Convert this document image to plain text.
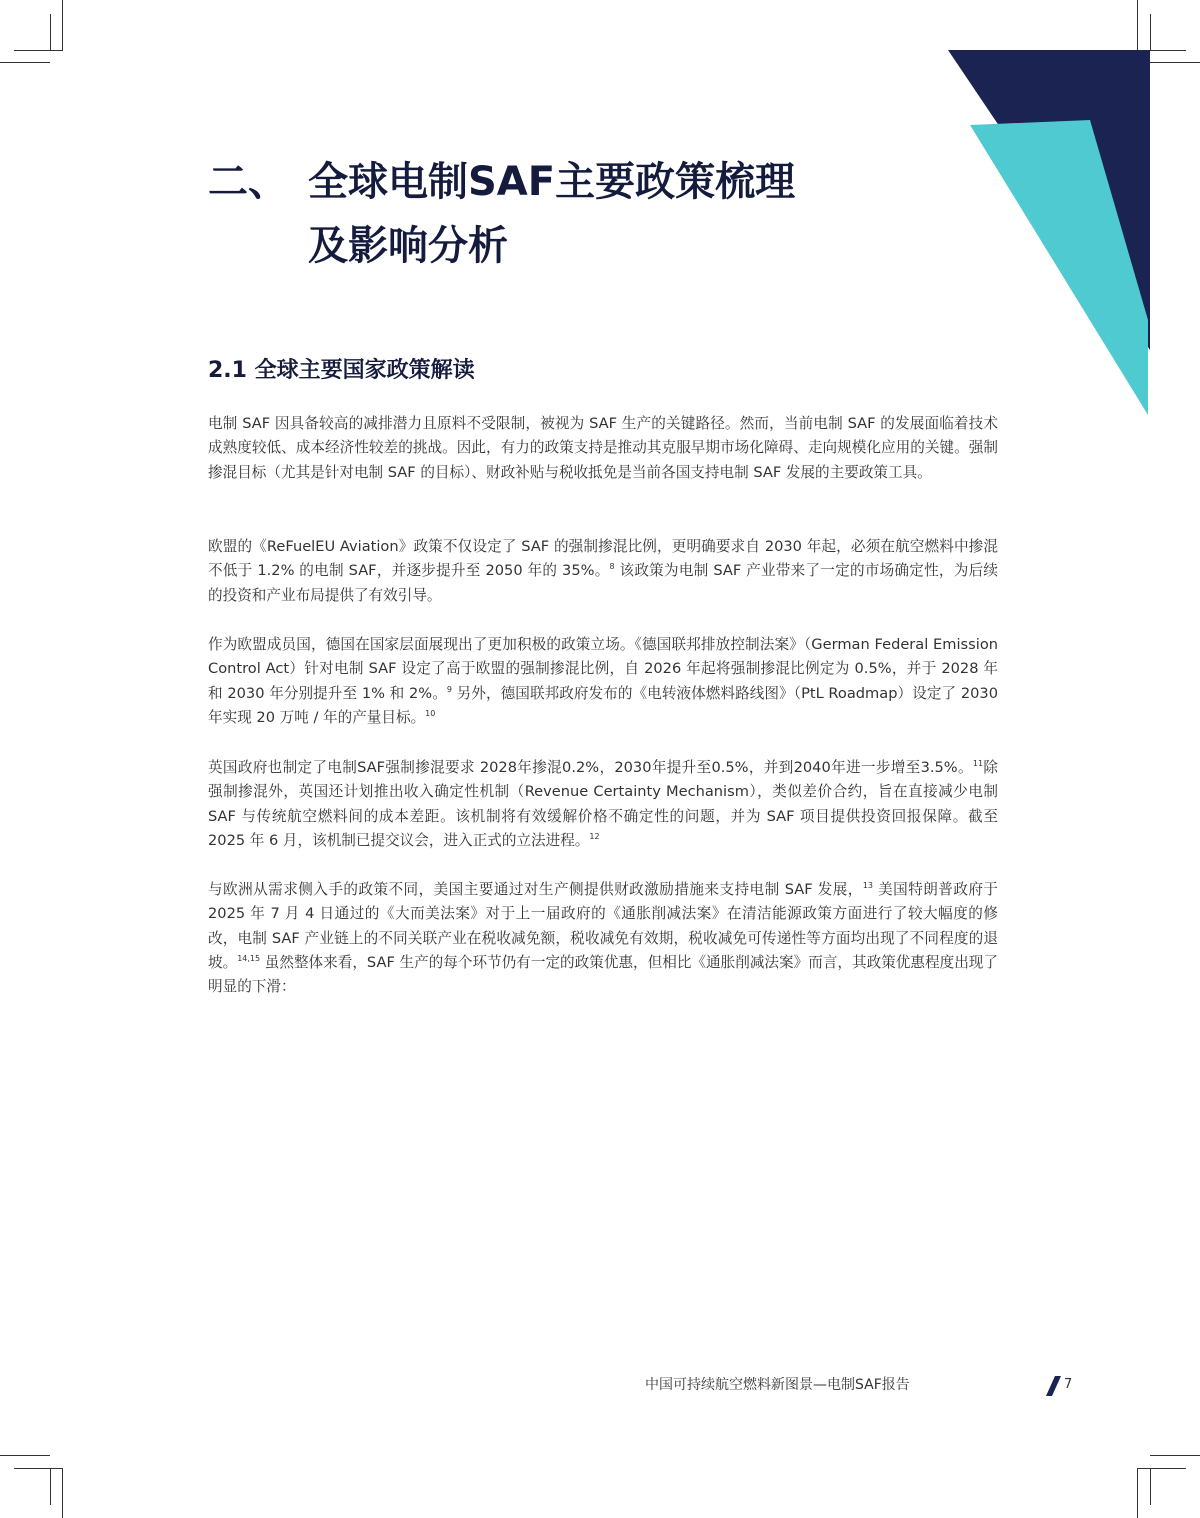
二、 全球电制SAF主要政策梳理
及影响分析
2.1 全球主要国家政策解读

电制 SAF 因具备较高的减排潜力且原料不受限制，被视为 SAF 生产的关键路径。然而，当前电制 SAF 的发展面临着技术成熟度较低、成本经济性较差的挑战。因此，有力的政策支持是推动其克服早期市场化障碍、走向规模化应用的关键。强制掺混目标（尤其是针对电制 SAF 的目标）、财政补贴与税收抵免是当前各国支持电制 SAF 发展的主要政策工具。

欧盟的《ReFuelEU Aviation》政策不仅设定了 SAF 的强制掺混比例，更明确要求自 2030 年起，必须在航空燃料中掺混不低于 1.2% 的电制 SAF，并逐步提升至 2050 年的 35%。$^8$ 该政策为电制 SAF 产业带来了一定的市场确定性，为后续的投资和产业布局提供了有效引导。

作为欧盟成员国，德国在国家层面展现出了更加积极的政策立场。《德国联邦排放控制法案》（German Federal Emission Control Act）针对电制 SAF 设定了高于欧盟的强制掺混比例，自 2026 年起将强制掺混比例定为 0.5%，并于 2028 年和 2030 年分别提升至 1% 和 2%。$^9$ 另外，德国联邦政府发布的《电转液体燃料路线图》（PtL Roadmap）设定了 2030 年实现 20 万吨 / 年的产量目标。$^{10}$

英国政府也制定了电制SAF强制掺混要求 2028年掺混0.2%，2030年提升至0.5%，并到2040年进一步增至3.5%。$^{11}$除强制掺混外，英国还计划推出收入确定性机制（Revenue Certainty Mechanism），类似差价合约，旨在直接减少电制 SAF 与传统航空燃料间的成本差距。该机制将有效缓解价格不确定性的问题，并为 SAF 项目提供投资回报保障。截至 2025 年 6 月，该机制已提交议会，进入正式的立法进程。$^{12}$

与欧洲从需求侧入手的政策不同，美国主要通过对生产侧提供财政激励措施来支持电制 SAF 发展，$^{13}$ 美国特朗普政府于 2025 年 7 月 4 日通过的《大而美法案》对于上一届政府的《通胀削减法案》在清洁能源政策方面进行了较大幅度的修改，电制 SAF 产业链上的不同关联产业在税收减免额，税收减免有效期，税收减免可传递性等方面均出现了不同程度的退坡。$^{14,15}$ 虽然整体来看，SAF 生产的每个环节仍有一定的政策优惠，但相比《通胀削减法案》而言，其政策优惠程度出现了明显的下滑：

中国可持续航空燃料新图景—电制SAF报告	7
